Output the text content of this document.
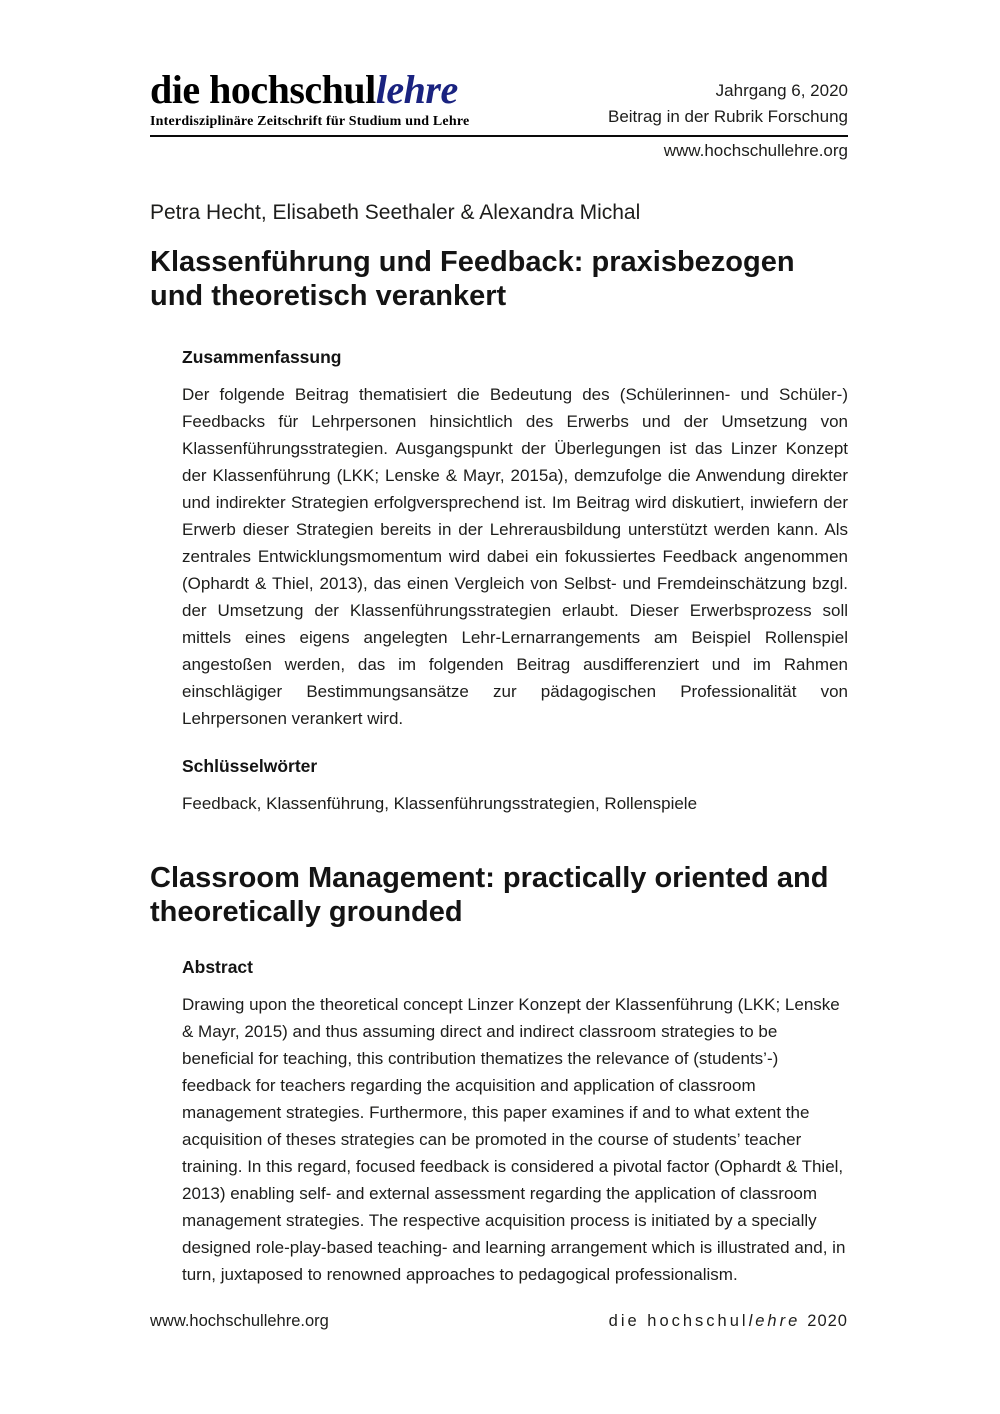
die hochschullehre
Interdisziplinäre Zeitschrift für Studium und Lehre
Jahrgang 6, 2020
Beitrag in der Rubrik Forschung
www.hochschullehre.org
Petra Hecht, Elisabeth Seethaler & Alexandra Michal
Klassenführung und Feedback: praxisbezogen und theoretisch verankert
Zusammenfassung

Der folgende Beitrag thematisiert die Bedeutung des (Schülerinnen- und Schüler-) Feedbacks für Lehrpersonen hinsichtlich des Erwerbs und der Umsetzung von Klassenführungsstrategien. Ausgangspunkt der Überlegungen ist das Linzer Konzept der Klassenführung (LKK; Lenske & Mayr, 2015a), demzufolge die Anwendung direkter und indirekter Strategien erfolgversprechend ist. Im Beitrag wird diskutiert, inwiefern der Erwerb dieser Strategien bereits in der Lehrerausbildung unterstützt werden kann. Als zentrales Entwicklungsmomentum wird dabei ein fokussiertes Feedback angenommen (Ophardt & Thiel, 2013), das einen Vergleich von Selbst- und Fremdeinschätzung bzgl. der Umsetzung der Klassenführungsstrategien erlaubt. Dieser Erwerbsprozess soll mittels eines eigens angelegten Lehr-Lernarrangements am Beispiel Rollenspiel angestoßen werden, das im folgenden Beitrag ausdifferenziert und im Rahmen einschlägiger Bestimmungsansätze zur pädagogischen Professionalität von Lehrpersonen verankert wird.

Schlüsselwörter

Feedback, Klassenführung, Klassenführungsstrategien, Rollenspiele

Classroom Management: practically oriented and theoretically grounded
Abstract

Drawing upon the theoretical concept Linzer Konzept der Klassenführung (LKK; Lenske & Mayr, 2015) and thus assuming direct and indirect classroom strategies to be beneficial for teaching, this contribution thematizes the relevance of (students’-) feedback for teachers regarding the acquisition and application of classroom management strategies. Furthermore, this paper examines if and to what extent the acquisition of theses strategies can be promoted in the course of students’ teacher training. In this regard, focused feedback is considered a pivotal factor (Ophardt & Thiel, 2013) enabling self- and external assessment regarding the application of classroom management strategies. The respective acquisition process is initiated by a specially designed role-play-based teaching- and learning arrangement which is illustrated and, in turn, juxtaposed to renowned approaches to pedagogical professionalism.

www.hochschullehre.org	die hochschullehre 2020
